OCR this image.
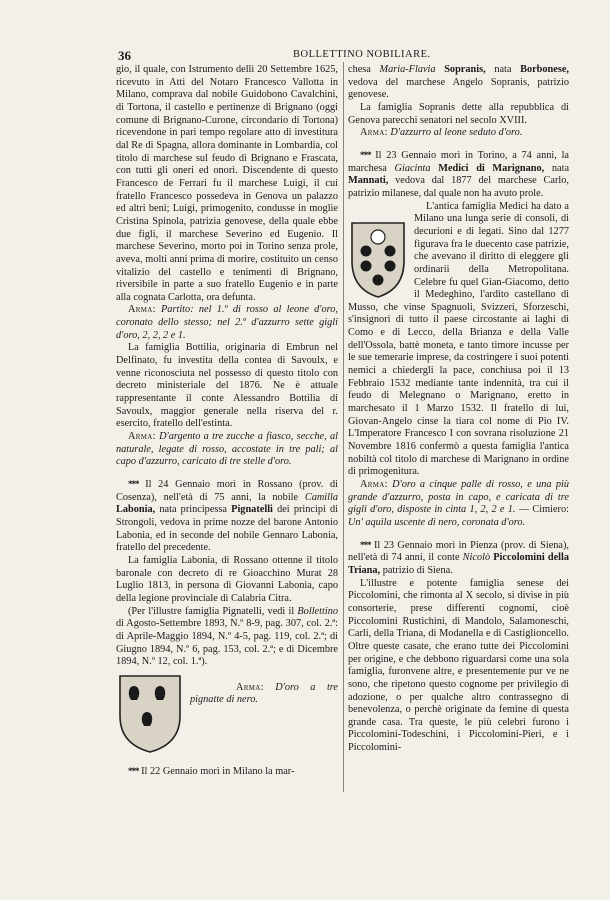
36	BOLLETTINO NOBILIARE.

gio, il quale, con Istrumento delli 20 Settembre 1625, ricevuto in Atti del Notaro Francesco Vallotta in Milano, comprava dal nobile Guidobono Cavalchini, di Tortona, il castello e pertinenze di Brignano (oggi comune di Brignano-Curone, circondario di Tortona) ricevendone in pari tempo regolare atto di investitura dal Re di Spagna, allora dominante in Lombardia, col titolo di marchese sul feudo di Brignano e Frascata, con tutti gli oneri ed onori. Discendente di questo Francesco de Ferrari fu il marchese Luigi, il cui fratello Francesco possedeva in Genova un palazzo ed altri beni; Luigi, primogenito, condusse in moglie Cristina Spinola, patrizia genovese, della quale ebbe due figli, il marchese Severino ed Eugenio. Il marchese Severino, morto poi in Torino senza prole, aveva, molti anni prima di morire, costituito un censo vitalizio del castello e tenimenti di Brignano, riversibile in parte a suo fratello Eugenio e in parte alla cognata Carlotta, ora defunta.

Arma: Partito: nel 1.º di rosso al leone d'oro, coronato dello stesso; nel 2.º d'azzurro sette gigli d'oro, 2, 2, 2 e 1.

La famiglia Bottilia, originaria di Embrun nel Delfinato, fu investita della contea di Savoulx, e venne riconosciuta nel possesso di questo titolo con decreto ministeriale del 1876. Ne è attuale rappresentante il conte Alessandro Bottilia di Savoulx, maggior generale nella riserva del r. esercito, fratello dell'estinta.

Arma: D'argento a tre zucche a fiasco, secche, al naturale, legate di rosso, accostate in tre pali; al capo d'azzurro, caricato di tre stelle d'oro.

*** Il 24 Gennaio morì in Rossano (prov. di Cosenza), nell'età di 75 anni, la nobile Camilla Labonia, nata principessa Pignatelli dei principi di Strongoli, vedova in prime nozze del barone Antonio Labonia, ed in seconde del nobile Gennaro Labonia, fratello del precedente.

La famiglia Labonia, di Rossano ottenne il titolo baronale con decreto di re Gioacchino Murat 28 Luglio 1813, in persona di Giovanni Labonia, capo della legione provinciale di Calabria Citra.

(Per l'illustre famiglia Pignatelli, vedi il Bollettino di Agosto-Settembre 1893, N.º 8-9, pag. 307, col. 2.ª: di Aprile-Maggio 1894, N.º 4-5, pag. 119, col. 2.ª; di Giugno 1894, N.º 6, pag. 153, col. 2.ª; e di Dicembre 1894, N.º 12, col. 1.ª).

Arma: D'oro a tre pignatte di nero.

*** Il 22 Gennaio morì in Milano la mar-

chesa Maria-Flavia Sopranis, nata Borbonese, vedova del marchese Angelo Sopranis, patrizio genovese.

La famiglia Sopranis dette alla repubblica di Genova parecchi senatori nel secolo XVIII.

Arma: D'azzurro al leone seduto d'oro.

*** Il 23 Gennaio morì in Torino, a 74 anni, la marchesa Giacinta Medici di Marignano, nata Mannati, vedova dal 1877 del marchese Carlo, patrizio milanese, dal quale non ha avuto prole.

L'antica famiglia Medici ha dato a Milano una lunga serie di consoli, di decurioni e di legati. Sino dal 1277 figurava fra le duecento case patrizie, che avevano il diritto di eleggere gli ordinarii della Metropolitana. Celebre fu quel Gian-Giacomo, detto il Medeghino, l'ardito castellano di Musso, che vinse Spagnuoli, Svizzeri, Sforzeschi, s'insignorì di tutto il paese circostante ai laghi di Como e di Lecco, della Brianza e della Valle dell'Ossola, battè moneta, e tanto timore incusse per le sue temerarie imprese, da costringere i suoi potenti nemici a chiedergli la pace, conchiusa poi il 13 Febbraio 1532 mediante tante indennità, tra cui il feudo di Melegnano o Marignano, eretto in marchesato il 1 Marzo 1532. Il fratello di lui, Giovan-Angelo cinse la tiara col nome di Pio IV. L'Imperatore Francesco I con sovrana risoluzione 21 Novembre 1816 confermò a questa famiglia l'antica nobiltà col titolo di marchese di Marignano in ordine di primogenitura.

Arma: D'oro a cinque palle di rosso, e una più grande d'azzurro, posta in capo, e caricata di tre gigli d'oro, disposte in cinta 1, 2, 2 e 1. — Cimiero: Un' aquila uscente di nero, coronata d'oro.

*** Il 23 Gennaio morì in Pienza (prov. di Siena), nell'età di 74 anni, il conte Nicolò Piccolomini della Triana, patrizio di Siena.

L'illustre e potente famiglia senese dei Piccolomini, che rimonta al X secolo, si divise in più consorterie, prese differenti cognomi, cioè Piccolomini Rustichini, di Mandolo, Salamoneschi, Carli, della Triana, di Modanella e di Castiglioncello. Oltre queste casate, che erano tutte dei Piccolomini per origine, e che debbono riguardarsi come una sola famiglia, furonvene altre, e presentemente pur ve ne sono, che ripetono questo cognome per privilegio di adozione, o per qualche altro contrassegno di benevolenza, o perchè originate da femine di questa grande casa. Tra queste, le più celebri furono i Piccolomini-Todeschini, i Piccolomini-Pieri, e i Piccolomini-
